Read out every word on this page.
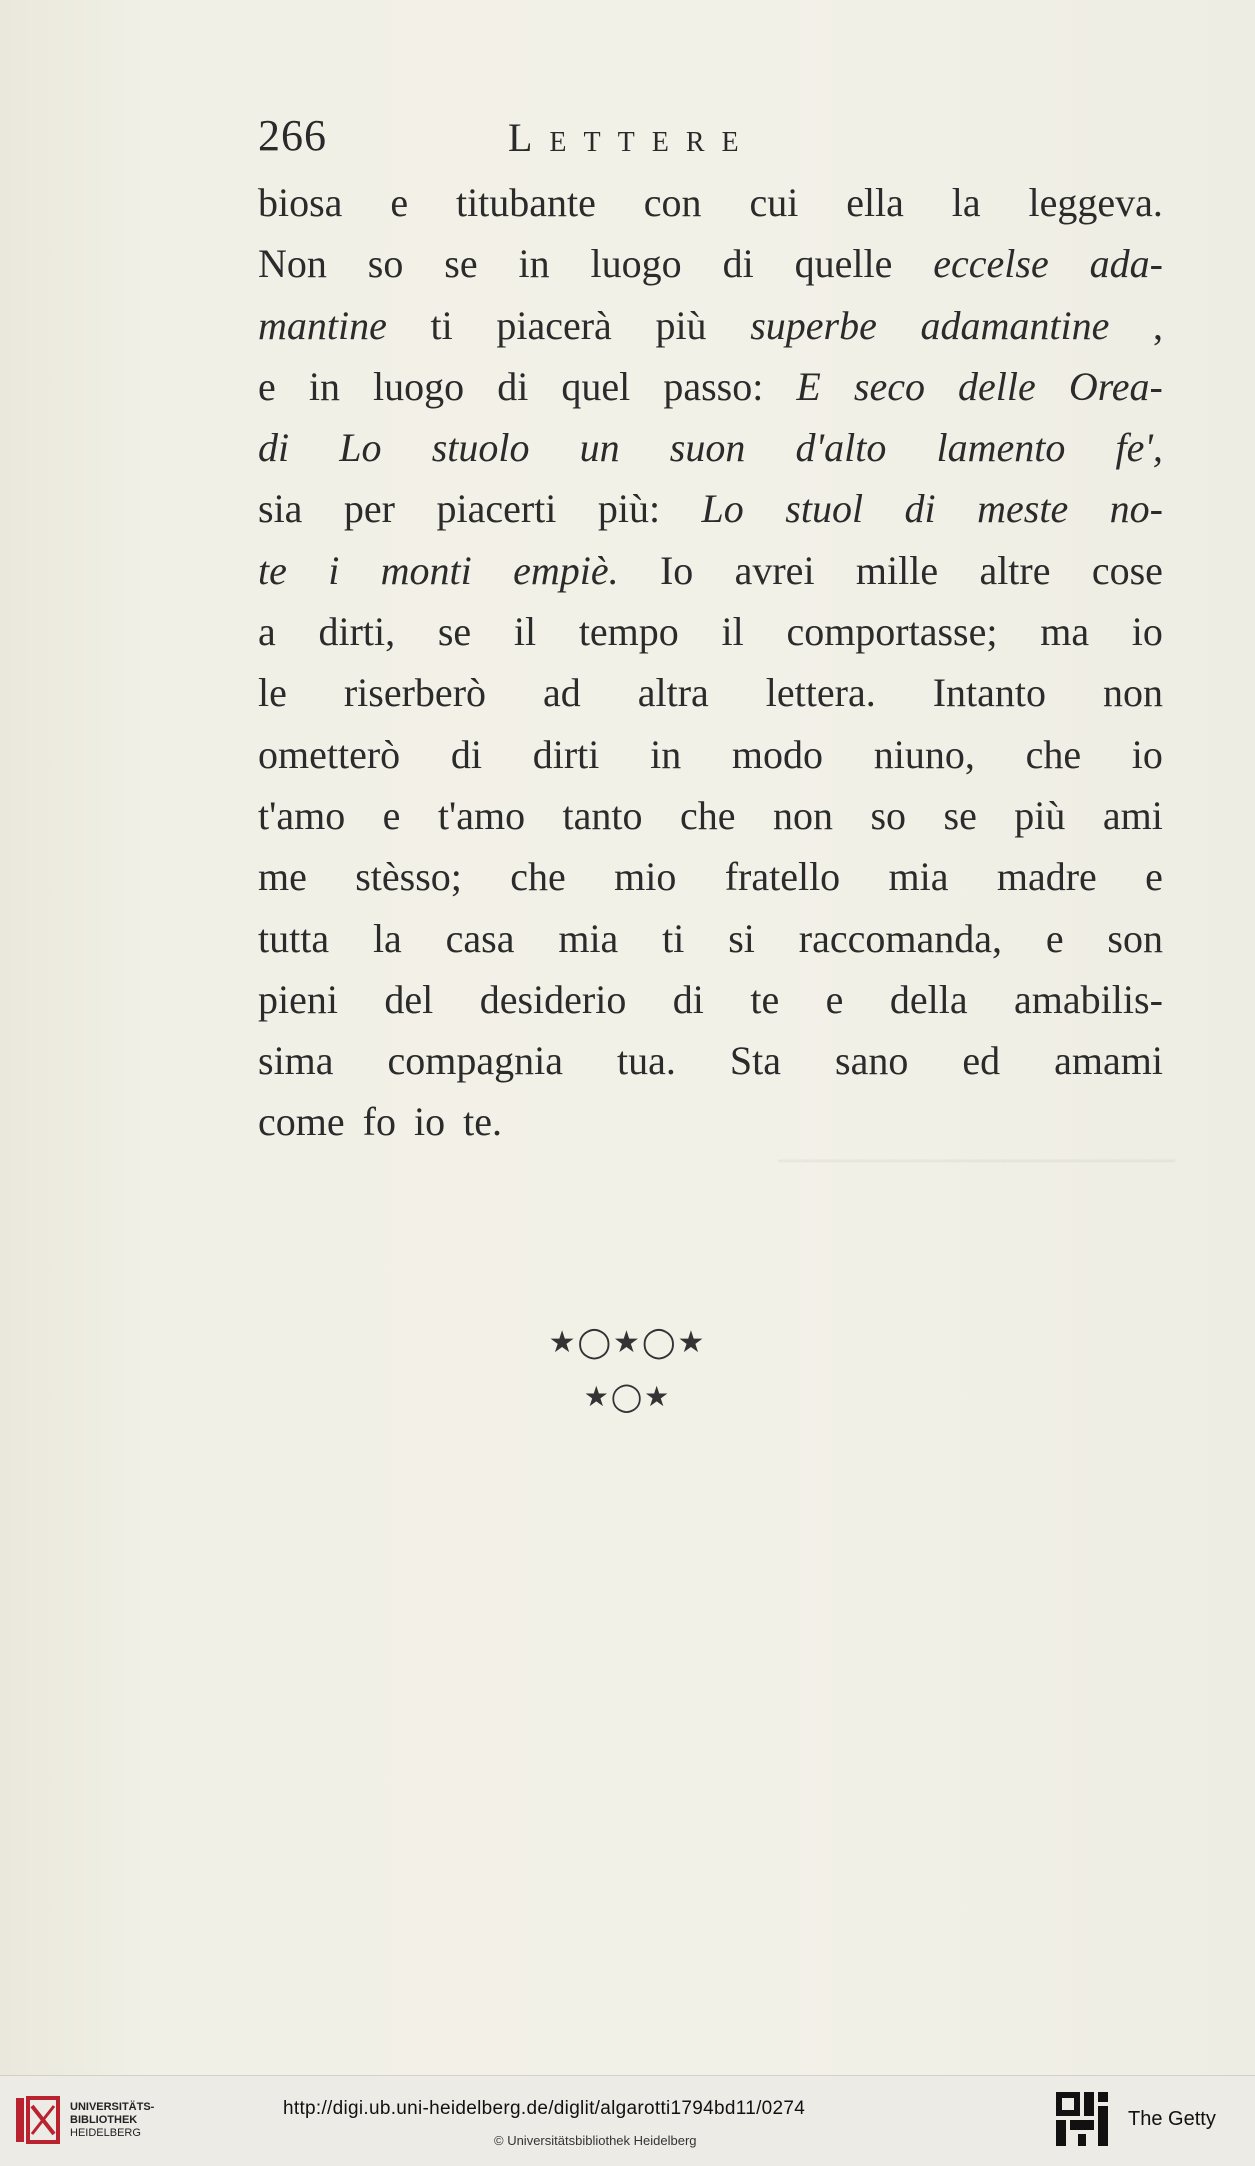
──────────────
266	Lettere
biosa e titubante con cui ella la leggeva.
Non so se in luogo di quelle eccelse ada-
mantine ti piacerà più superbe adamantine ,
e in luogo di quel passo: E seco delle Orea-
di Lo stuolo un suon d'alto lamento fe',
sia per piacerti più: Lo stuol di meste no-
te i monti empiè. Io avrei mille altre cose
a dirti, se il tempo il comportasse; ma io
le riserberò ad altra lettera. Intanto non
ometterò di dirti in modo niuno, che io
t'amo e t'amo tanto che non so se più ami
me stèsso; che mio fratello mia madre e
tutta la casa mia ti si raccomanda, e son
pieni del desiderio di te e della amabilis-
sima compagnia tua. Sta sano ed amami
come fo io te.
★◯★◯★
★◯★
UNIVERSITÄTS-
BIBLIOTHEK
HEIDELBERG
http://digi.ub.uni-heidelberg.de/diglit/algarotti1794bd11/0274
© Universitätsbibliothek Heidelberg
The Getty
